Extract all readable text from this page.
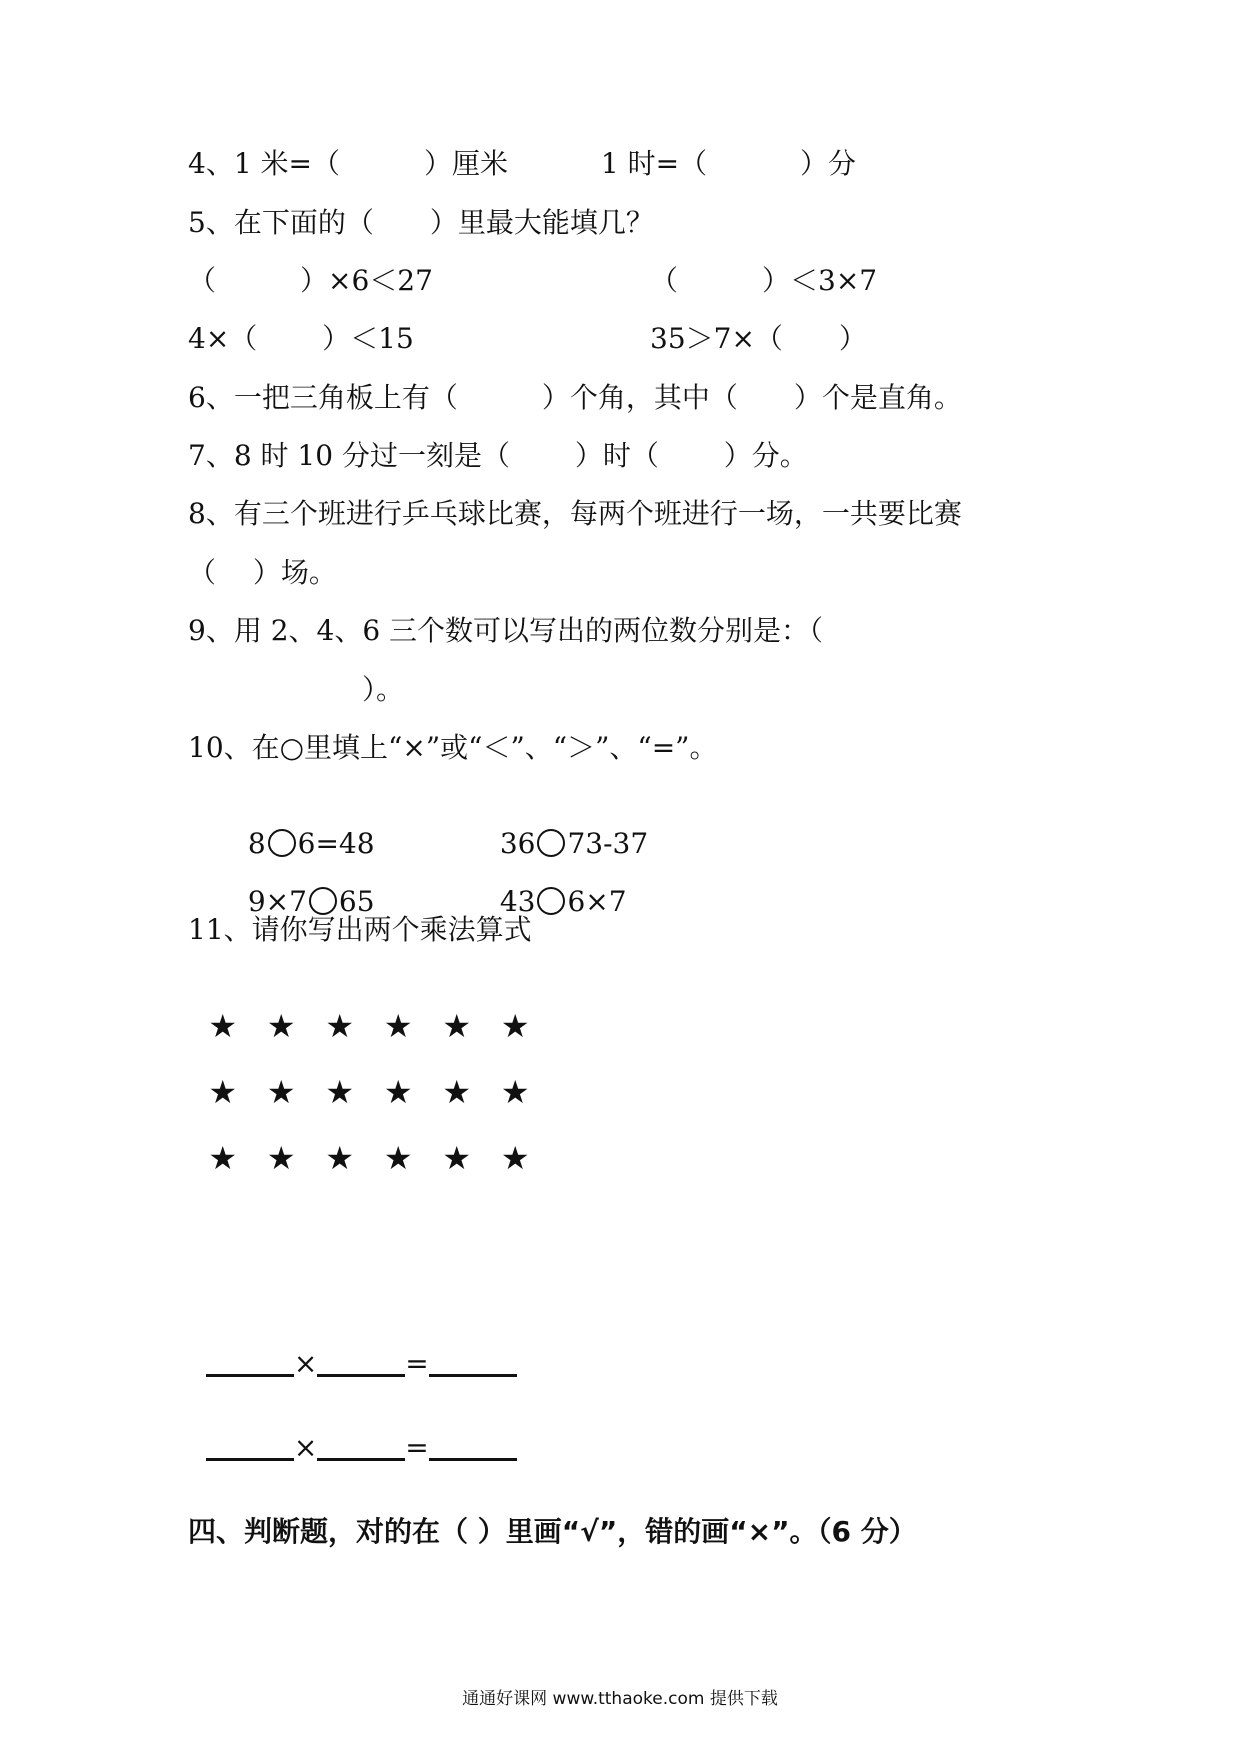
4、1 米=（　　　）厘米　　　 1 时=（　　　 ）分
5、在下面的（　　）里最大能填几？
（　　　）×6＜27	（　　　）＜3×7
4×（　　 ）＜15	35＞7×（　　）
6、一把三角板上有（　　　）个角，其中（　　）个是直角。
7、8 时 10 分过一刻是（　　 ）时（　　 ）分。
8、有三个班进行乒乓球比赛，每两个班进行一场，一共要比赛
（　 ）场。
9、用 2、4、6 三个数可以写出的两位数分别是：（
）。
10、在○里填上“×”或“＜”、“＞”、“=”。

8 6=48	36 73-37

9×7 65	43 6×7

11、请你写出两个乘法算式

★ ★ ★ ★ ★ ★

★ ★ ★ ★ ★ ★

★ ★ ★ ★ ★ ★

×	=

×	=

四、判断题，对的在（ ）里画“√”，错的画“×”。（6 分）
通通好课网 www.tthaoke.com 提供下载
